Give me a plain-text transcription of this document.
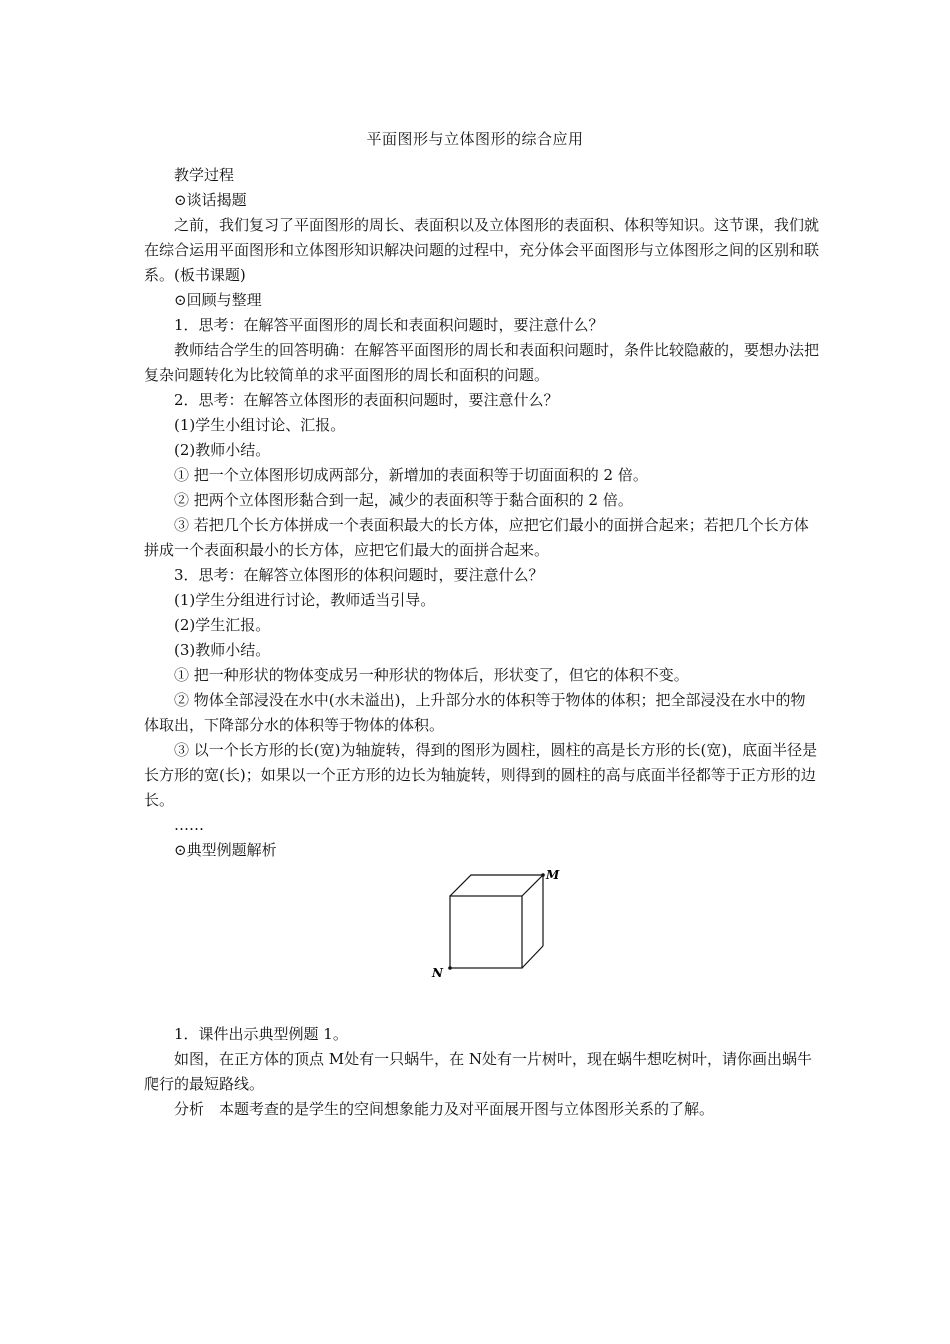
平面图形与立体图形的综合应用

教学过程

⊙谈话揭题

之前，我们复习了平面图形的周长、表面积以及立体图形的表面积、体积等知识。这节课，我们就在综合运用平面图形和立体图形知识解决问题的过程中，充分体会平面图形与立体图形之间的区别和联系。(板书课题)

⊙回顾与整理

1．思考：在解答平面图形的周长和表面积问题时，要注意什么？

教师结合学生的回答明确：在解答平面图形的周长和表面积问题时，条件比较隐蔽的，要想办法把复杂问题转化为比较简单的求平面图形的周长和面积的问题。

2．思考：在解答立体图形的表面积问题时，要注意什么？

(1)学生小组讨论、汇报。

(2)教师小结。

① 把一个立体图形切成两部分，新增加的表面积等于切面面积的 2 倍。

② 把两个立体图形黏合到一起，减少的表面积等于黏合面积的 2 倍。

③ 若把几个长方体拼成一个表面积最大的长方体，应把它们最小的面拼合起来；若把几个长方体拼成一个表面积最小的长方体，应把它们最大的面拼合起来。

3．思考：在解答立体图形的体积问题时，要注意什么？

(1)学生分组进行讨论，教师适当引导。

(2)学生汇报。

(3)教师小结。

① 把一种形状的物体变成另一种形状的物体后，形状变了，但它的体积不变。

② 物体全部浸没在水中(水未溢出)，上升部分水的体积等于物体的体积；把全部浸没在水中的物体取出，下降部分水的体积等于物体的体积。

③ 以一个长方形的长(宽)为轴旋转，得到的图形为圆柱，圆柱的高是长方形的长(宽)，底面半径是长方形的宽(长)；如果以一个正方形的边长为轴旋转，则得到的圆柱的高与底面半径都等于正方形的边长。

……

⊙典型例题解析

M
N

1．课件出示典型例题 1。

如图，在正方体的顶点 M处有一只蜗牛，在 N处有一片树叶，现在蜗牛想吃树叶，请你画出蜗牛爬行的最短路线。

分析　本题考查的是学生的空间想象能力及对平面展开图与立体图形关系的了解。
